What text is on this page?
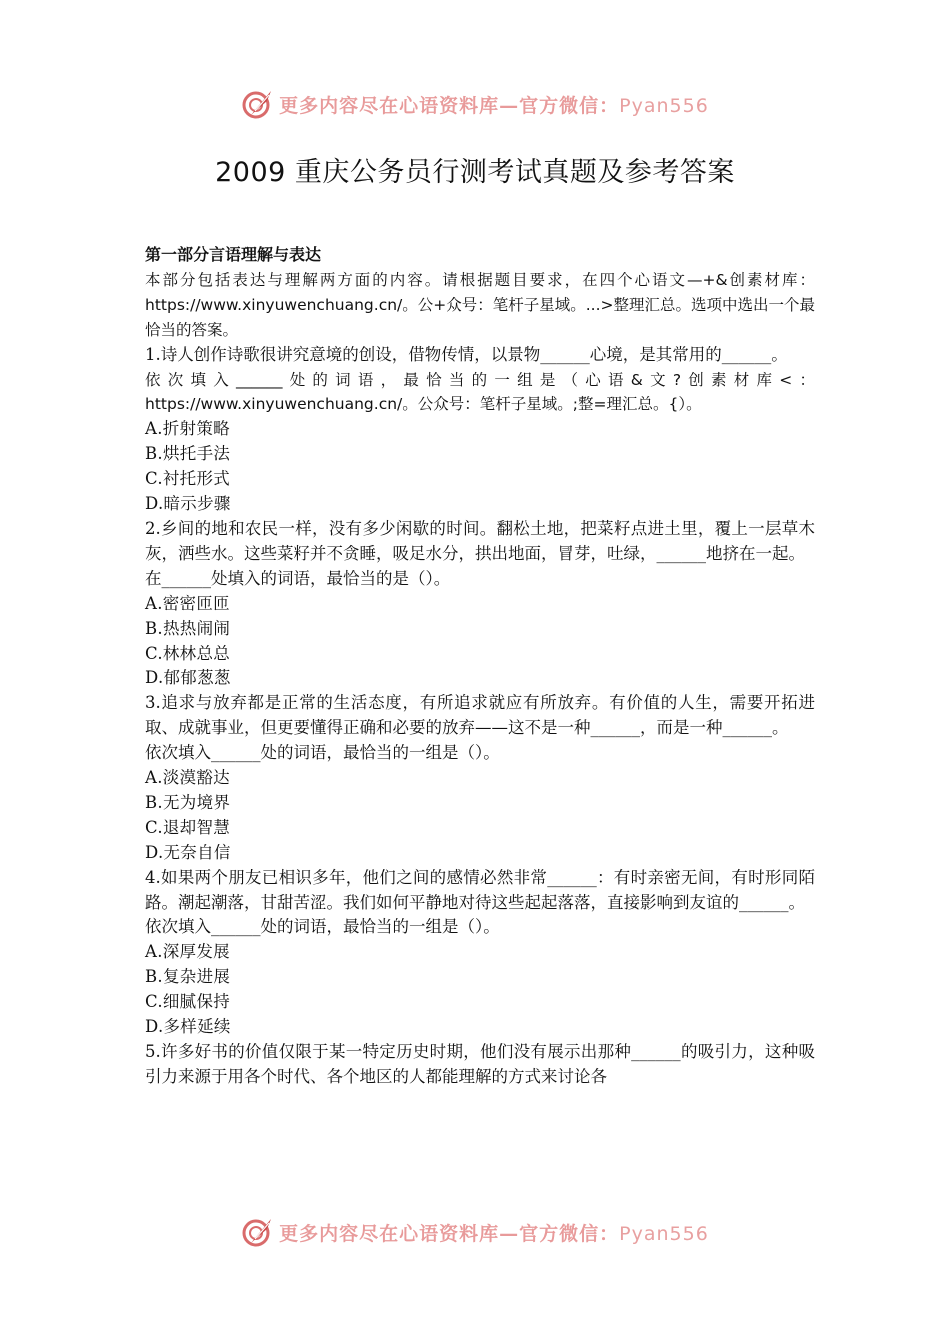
更多内容尽在心语资料库—官方微信：Pyan556
2009 重庆公务员行测考试真题及参考答案

第一部分言语理解与表达

本部分包括表达与理解两方面的内容。请根据题目要求，在四个心语文—+&创素材库：https://www.xinyuwenchuang.cn/。公+众号：笔杆子星域。...>整理汇总。选项中选出一个最恰当的答案。

1.诗人创作诗歌很讲究意境的创设，借物传情，以景物______心境，是其常用的______。

依次填入______处的词语，最恰当的一组是（心语&文?创素材库<：https://www.xinyuwenchuang.cn/。公众号：笔杆子星域。;整=理汇总。{）。

A.折射策略

B.烘托手法

C.衬托形式

D.暗示步骤

2.乡间的地和农民一样，没有多少闲歇的时间。翻松土地，把菜籽点进土里，覆上一层草木灰，洒些水。这些菜籽并不贪睡，吸足水分，拱出地面，冒芽，吐绿，______地挤在一起。

在______处填入的词语，最恰当的是（）。

A.密密匝匝

B.热热闹闹

C.林林总总

D.郁郁葱葱

3.追求与放弃都是正常的生活态度，有所追求就应有所放弃。有价值的人生，需要开拓进取、成就事业，但更要懂得正确和必要的放弃——这不是一种______，而是一种______。

依次填入______处的词语，最恰当的一组是（）。

A.淡漠豁达

B.无为境界

C.退却智慧

D.无奈自信

4.如果两个朋友已相识多年，他们之间的感情必然非常______：有时亲密无间，有时形同陌路。潮起潮落，甘甜苦涩。我们如何平静地对待这些起起落落，直接影响到友谊的______。

依次填入______处的词语，最恰当的一组是（）。

A.深厚发展

B.复杂进展

C.细腻保持

D.多样延续

5.许多好书的价值仅限于某一特定历史时期，他们没有展示出那种______的吸引力，这种吸引力来源于用各个时代、各个地区的人都能理解的方式来讨论各

更多内容尽在心语资料库—官方微信：Pyan556
